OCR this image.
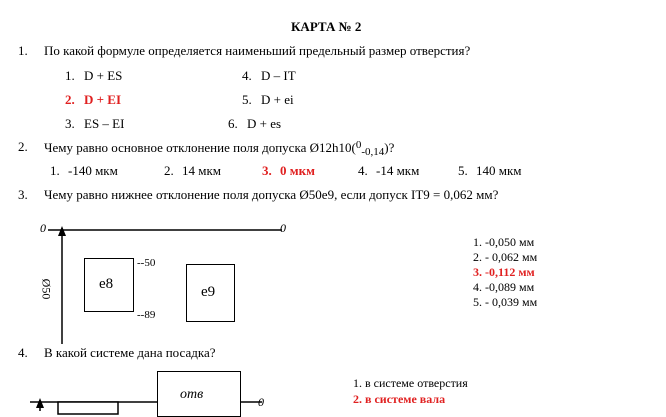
КАРТА № 2
1. По какой формуле определяется наименьший предельный размер отверстия?
1. D + ES
2. D + EI
3. ES – EI
4. D – IT
5. D + ei
6. D + es
2. Чему равно основное отклонение поля допуска Ø12h10($^0_{-0,14}$)?
1. -140 мкм	2. 14 мкм	3. 0 мкм	4. -14 мкм	5. 140 мкм
3. Чему равно нижнее отклонение поля допуска Ø50e9, если допуск IT9 = 0,062 мм?
0	0
Ø50	e8	e9
--50
--89
1. -0,050 мм
2. - 0,062 мм
3. -0,112 мм
4. -0,089 мм
5. - 0,039 мм
4. В какой системе дана посадка?
отв	0
1. в системе отверстия
2. в системе вала
